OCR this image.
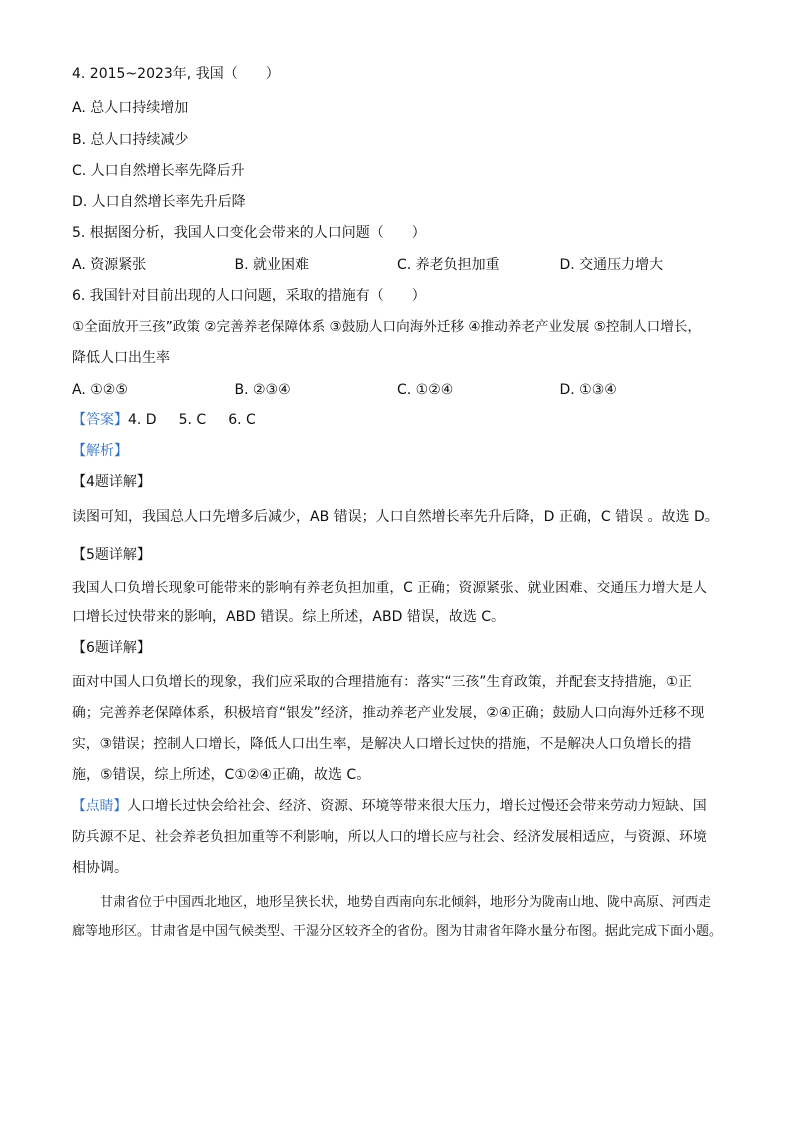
4. 2015~2023年, 我国（　　）
A. 总人口持续增加
B. 总人口持续减少
C. 人口自然增长率先降后升
D. 人口自然增长率先升后降
5. 根据图分析，我国人口变化会带来的人口问题（　　）
A. 资源紧张	B. 就业困难	C. 养老负担加重	D. 交通压力增大
6. 我国针对目前出现的人口问题，采取的措施有（　　）
①全面放开三孩”政策 ②完善养老保障体系 ③鼓励人口向海外迁移 ④推动养老产业发展 ⑤控制人口增长，
降低人口出生率
A. ①②⑤	B. ②③④	C. ①②④	D. ①③④
【答案】4. D 5. C 6. C
【解析】
【4题详解】
读图可知，我国总人口先增多后减少，AB 错误；人口自然增长率先升后降，D 正确，C 错误 。故选 D。
【5题详解】
我国人口负增长现象可能带来的影响有养老负担加重，C 正确；资源紧张、就业困难、交通压力增大是人
口增长过快带来的影响，ABD 错误。综上所述，ABD 错误，故选 C。
【6题详解】
面对中国人口负增长的现象，我们应采取的合理措施有：落实“三孩”生育政策，并配套支持措施，①正
确；完善养老保障体系，积极培育“银发”经济，推动养老产业发展，②④正确；鼓励人口向海外迁移不现
实，③错误；控制人口增长，降低人口出生率，是解决人口增长过快的措施，不是解决人口负增长的措
施，⑤错误，综上所述，C①②④正确，故选 C。
【点睛】人口增长过快会给社会、经济、资源、环境等带来很大压力，增长过慢还会带来劳动力短缺、国
防兵源不足、社会养老负担加重等不利影响，所以人口的增长应与社会、经济发展相适应，与资源、环境
相协调。
甘肃省位于中国西北地区，地形呈狭长状，地势自西南向东北倾斜，地形分为陇南山地、陇中高原、河西走廊等地形区。甘肃省是中国气候类型、干湿分区较齐全的省份。图为甘肃省年降水量分布图。据此完成下面小题。
